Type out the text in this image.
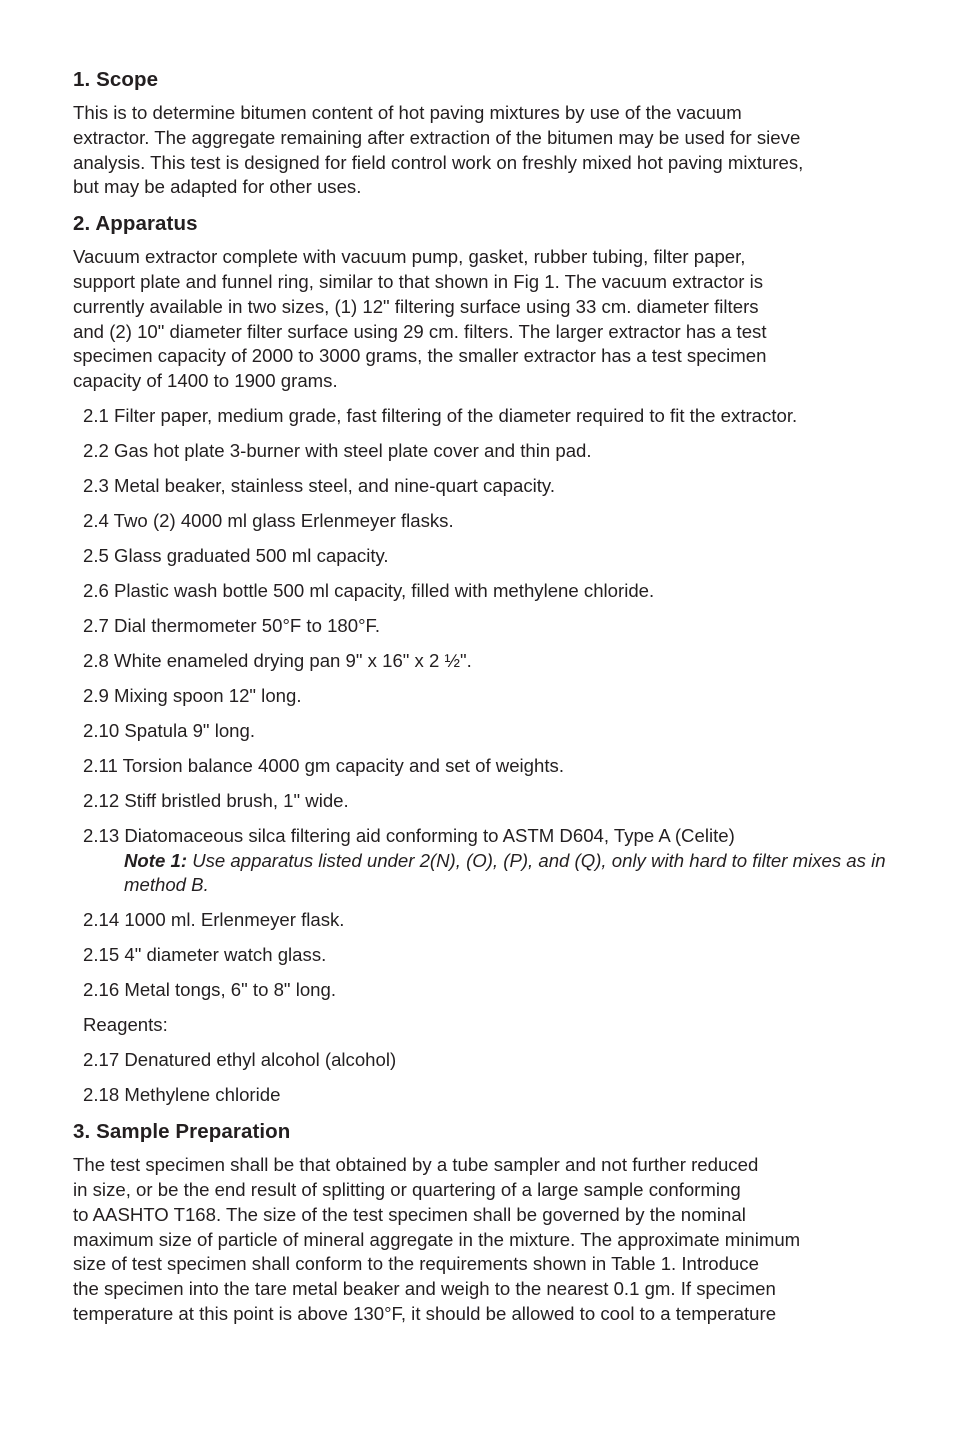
1. Scope

This is to determine bitumen content of hot paving mixtures by use of the vacuum
extractor. The aggregate remaining after extraction of the bitumen may be used for sieve
analysis. This test is designed for field control work on freshly mixed hot paving mixtures,
but may be adapted for other uses.

2. Apparatus

Vacuum extractor complete with vacuum pump, gasket, rubber tubing, filter paper,
support plate and funnel ring, similar to that shown in Fig 1. The vacuum extractor is
currently available in two sizes, (1) 12" filtering surface using 33 cm. diameter filters
and (2) 10" diameter filter surface using 29 cm. filters. The larger extractor has a test
specimen capacity of 2000 to 3000 grams, the smaller extractor has a test specimen
capacity of 1400 to 1900 grams.

2.1 Filter paper, medium grade, fast filtering of the diameter required to fit the extractor.
2.2 Gas hot plate 3-burner with steel plate cover and thin pad.
2.3 Metal beaker, stainless steel, and nine-quart capacity.
2.4 Two (2) 4000 ml glass Erlenmeyer flasks.
2.5 Glass graduated 500 ml capacity.
2.6 Plastic wash bottle 500 ml capacity, filled with methylene chloride.
2.7 Dial thermometer 50°F to 180°F.
2.8 White enameled drying pan 9" x 16" x 2 ½".
2.9 Mixing spoon 12" long.
2.10 Spatula 9" long.
2.11 Torsion balance 4000 gm capacity and set of weights.
2.12 Stiff bristled brush, 1" wide.
2.13 Diatomaceous silca filtering aid conforming to ASTM D604, Type A (Celite)
Note 1: Use apparatus listed under 2(N), (O), (P), and (Q), only with hard to filter mixes as in method B.
2.14 1000 ml. Erlenmeyer flask.
2.15 4" diameter watch glass.
2.16 Metal tongs, 6" to 8" long.
Reagents:
2.17 Denatured ethyl alcohol (alcohol)
2.18 Methylene chloride
3. Sample Preparation

The test specimen shall be that obtained by a tube sampler and not further reduced
in size, or be the end result of splitting or quartering of a large sample conforming
to AASHTO T168. The size of the test specimen shall be governed by the nominal
maximum size of particle of mineral aggregate in the mixture. The approximate minimum
size of test specimen shall conform to the requirements shown in Table 1. Introduce
the specimen into the tare metal beaker and weigh to the nearest 0.1 gm. If specimen
temperature at this point is above 130°F, it should be allowed to cool to a temperature
